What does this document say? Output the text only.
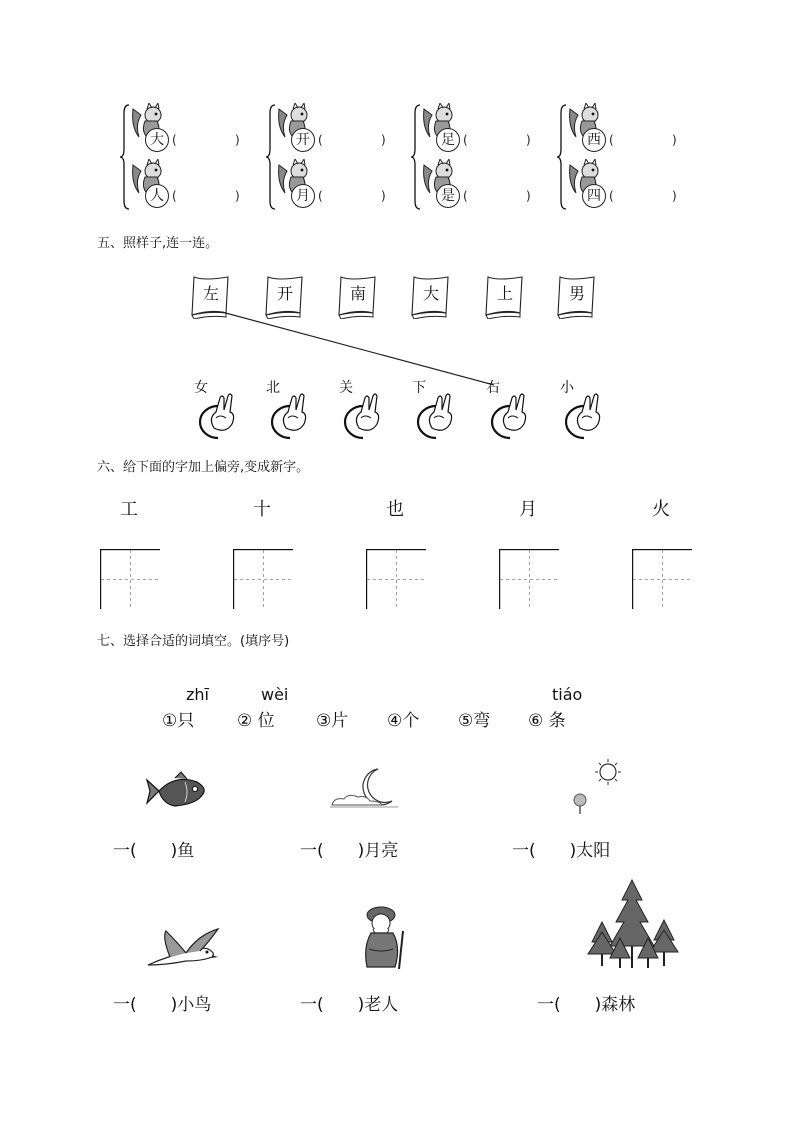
大 (	)
人 (	)
开 (	)
月 (	)
足 (	)
是 (	)
西 (	)
四 (	)
五、照样子,连一连。
左	开	南	大	上	男
女	北	关	下	右	小
六、给下面的字加上偏旁,变成新字。
工	十	也	月	火
七、选择合适的词填空。(填序号)
zhī	wèi	tiáo
①只	② 位 ③片 ④个 ⑤弯 ⑥ 条
一(　　)鱼	一(　　)月亮	一(　　)太阳
一(　　)小鸟	一(　　)老人	一(　　)森林
